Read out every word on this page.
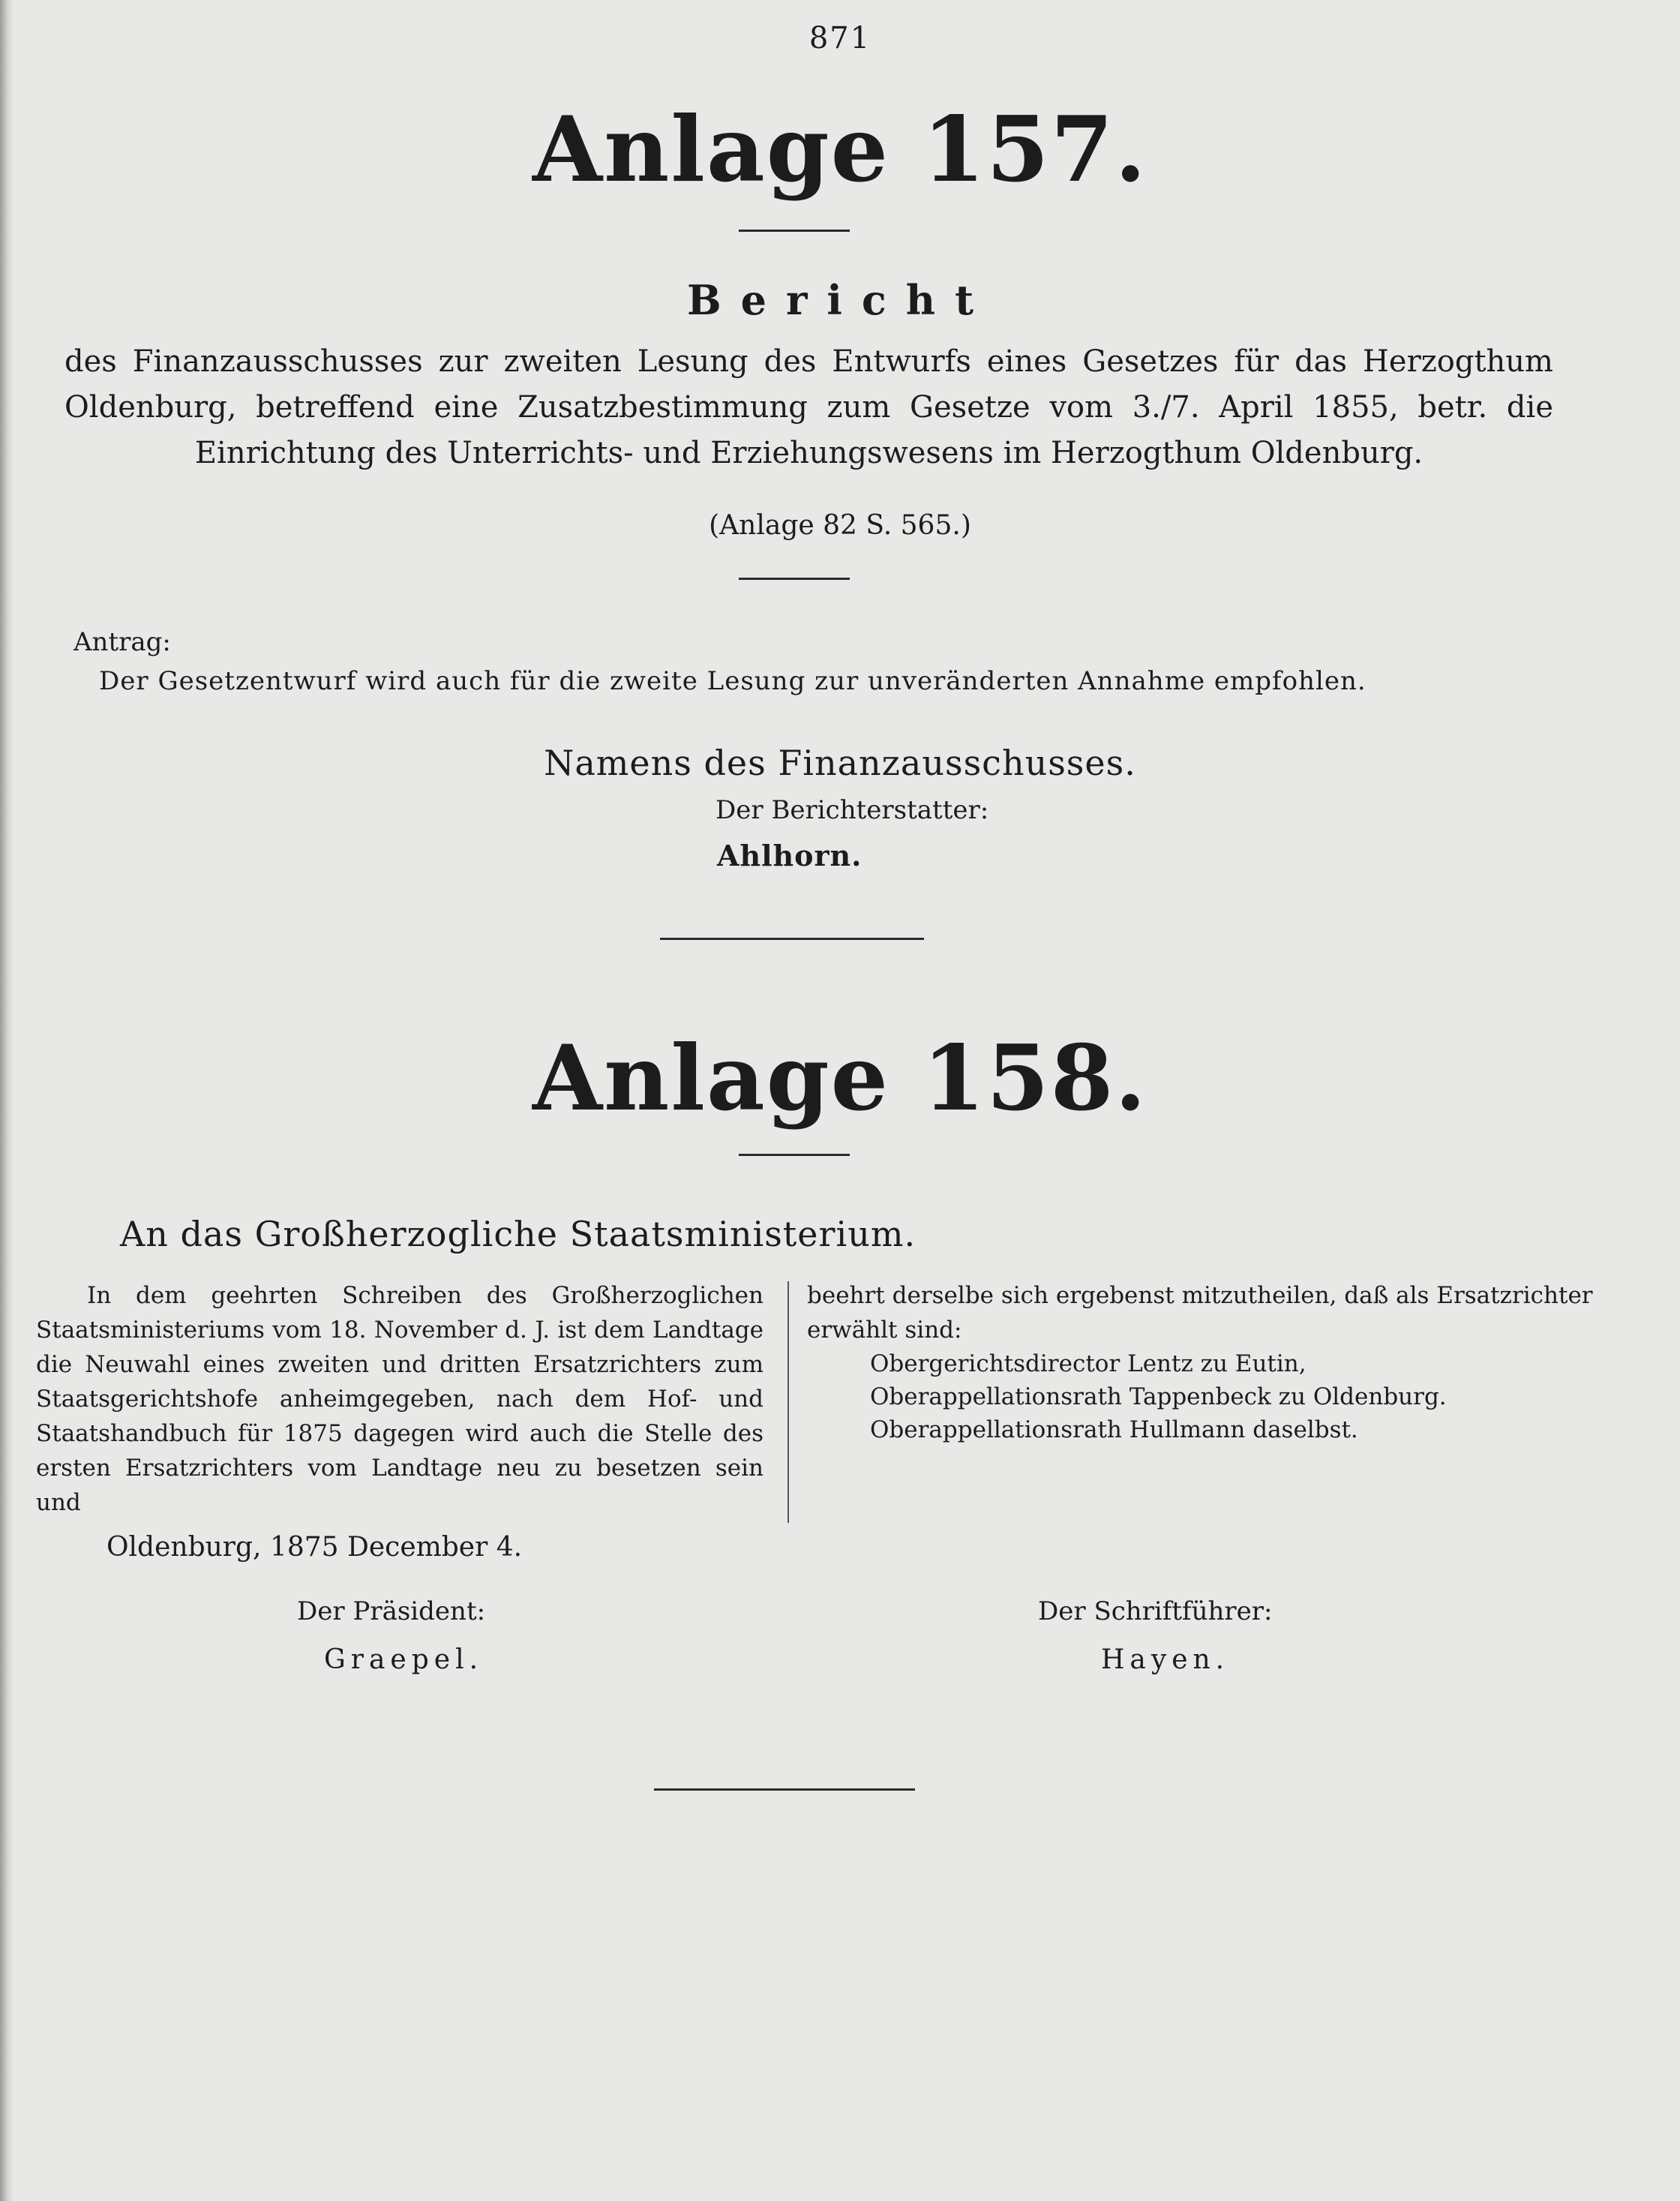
871
Anlage 157.
Bericht
des Finanzausschusses zur zweiten Lesung des Entwurfs eines Gesetzes für das Herzogthum Oldenburg, betreffend eine Zusatzbestimmung zum Gesetze vom 3./7. April 1855, betr. die Einrichtung des Unterrichts- und Erziehungswesens im Herzogthum Oldenburg.
(Anlage 82 S. 565.)
Antrag:
Der Gesetzentwurf wird auch für die zweite Lesung zur unveränderten Annahme empfohlen.
Namens des Finanzausschusses.
Der Berichterstatter:
Ahlhorn.
Anlage 158.
An das Großherzogliche Staatsministerium.
In dem geehrten Schreiben des Großherzoglichen Staatsministeriums vom 18. November d. J. ist dem Landtage die Neuwahl eines zweiten und dritten Ersatzrichters zum Staatsgerichtshofe anheimgegeben, nach dem Hof- und Staatshandbuch für 1875 dagegen wird auch die Stelle des ersten Ersatzrichters vom Landtage neu zu besetzen sein und
beehrt derselbe sich ergebenst mitzutheilen, daß als Ersatzrichter
erwählt sind:
Obergerichtsdirector Lentz zu Eutin,
Oberappellationsrath Tappenbeck zu Oldenburg.
Oberappellationsrath Hullmann daselbst.
Oldenburg, 1875 December 4.
Der Präsident:
Graepel.
Der Schriftführer:
Hayen.
